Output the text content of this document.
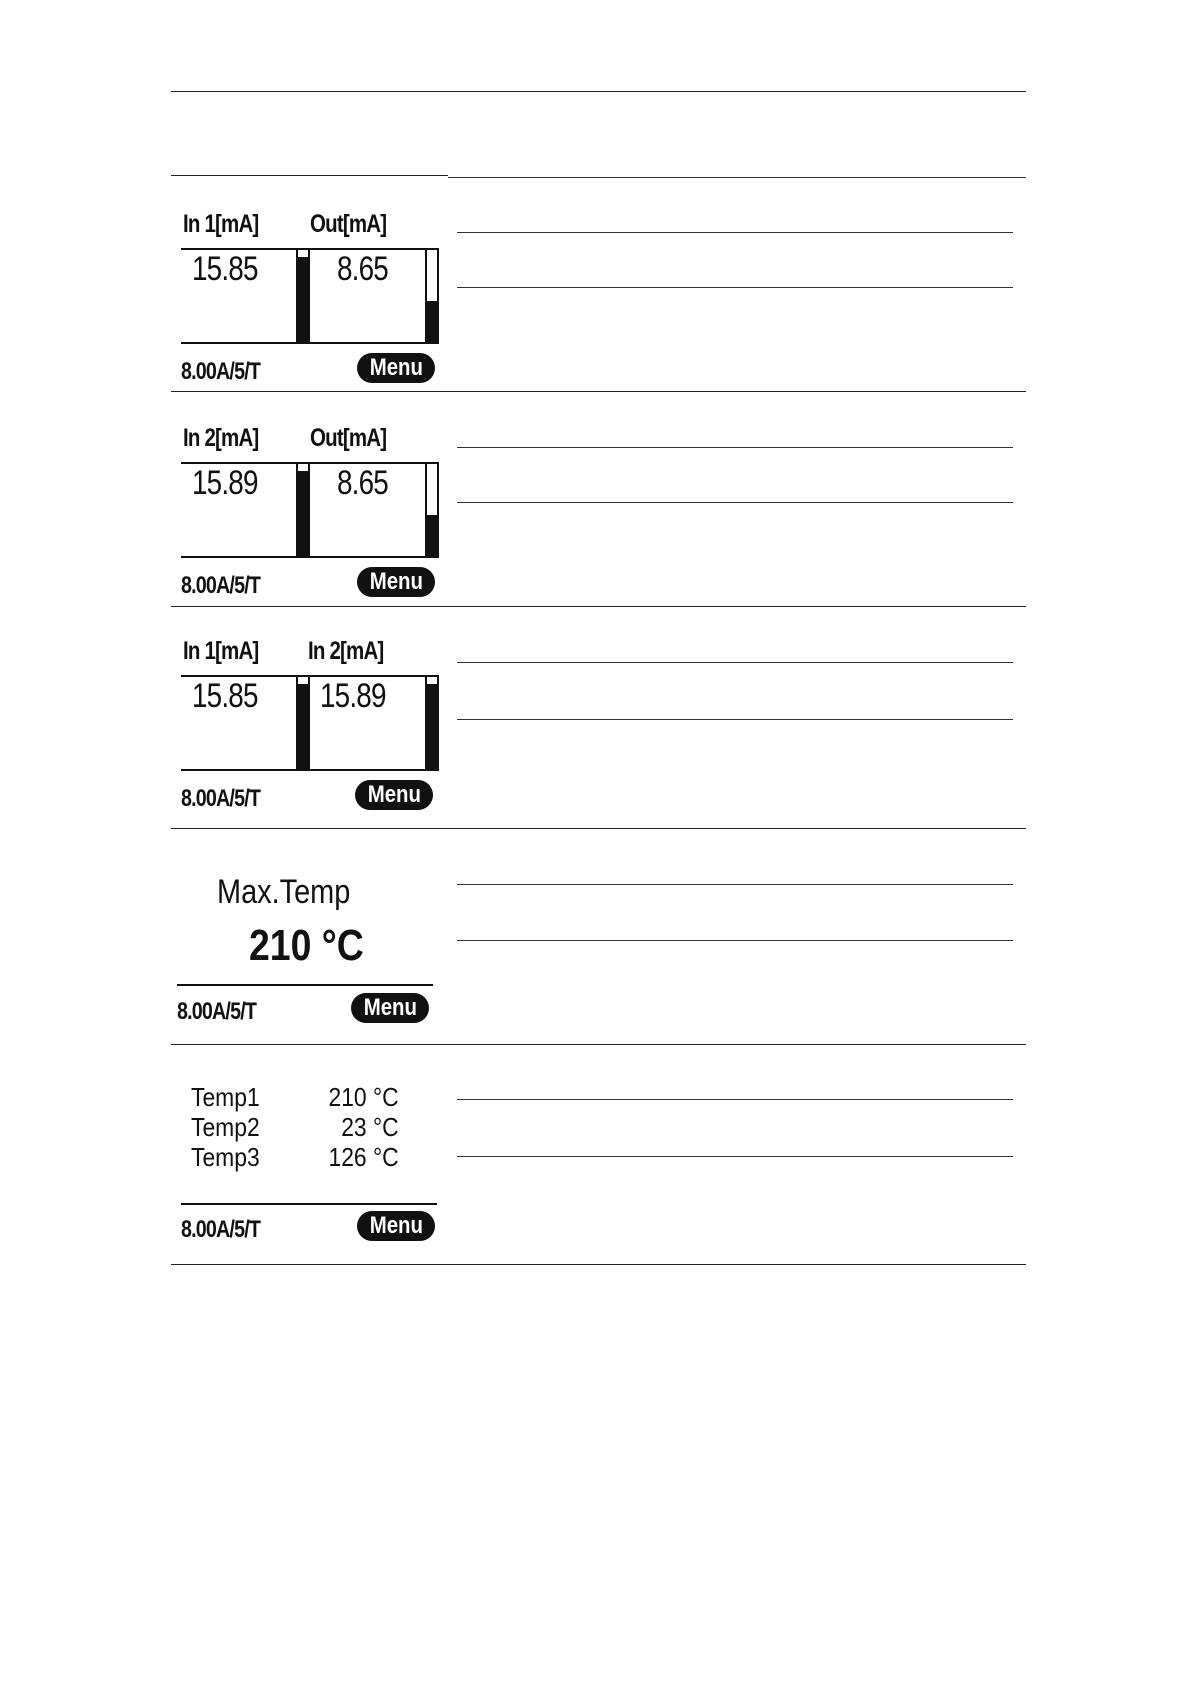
In 1[mA] Out[mA]
15.85 8.65
8.00A/5/T	Menu
In 2[mA] Out[mA]
15.89 8.65
8.00A/5/T	Menu
In 1[mA] In 2[mA]
15.85 15.89
8.00A/5/T	Menu
Max.Temp
210 °C
8.00A/5/T	Menu
Temp1	210 °C
Temp2	23 °C
Temp3	126 °C
8.00A/5/T	Menu
